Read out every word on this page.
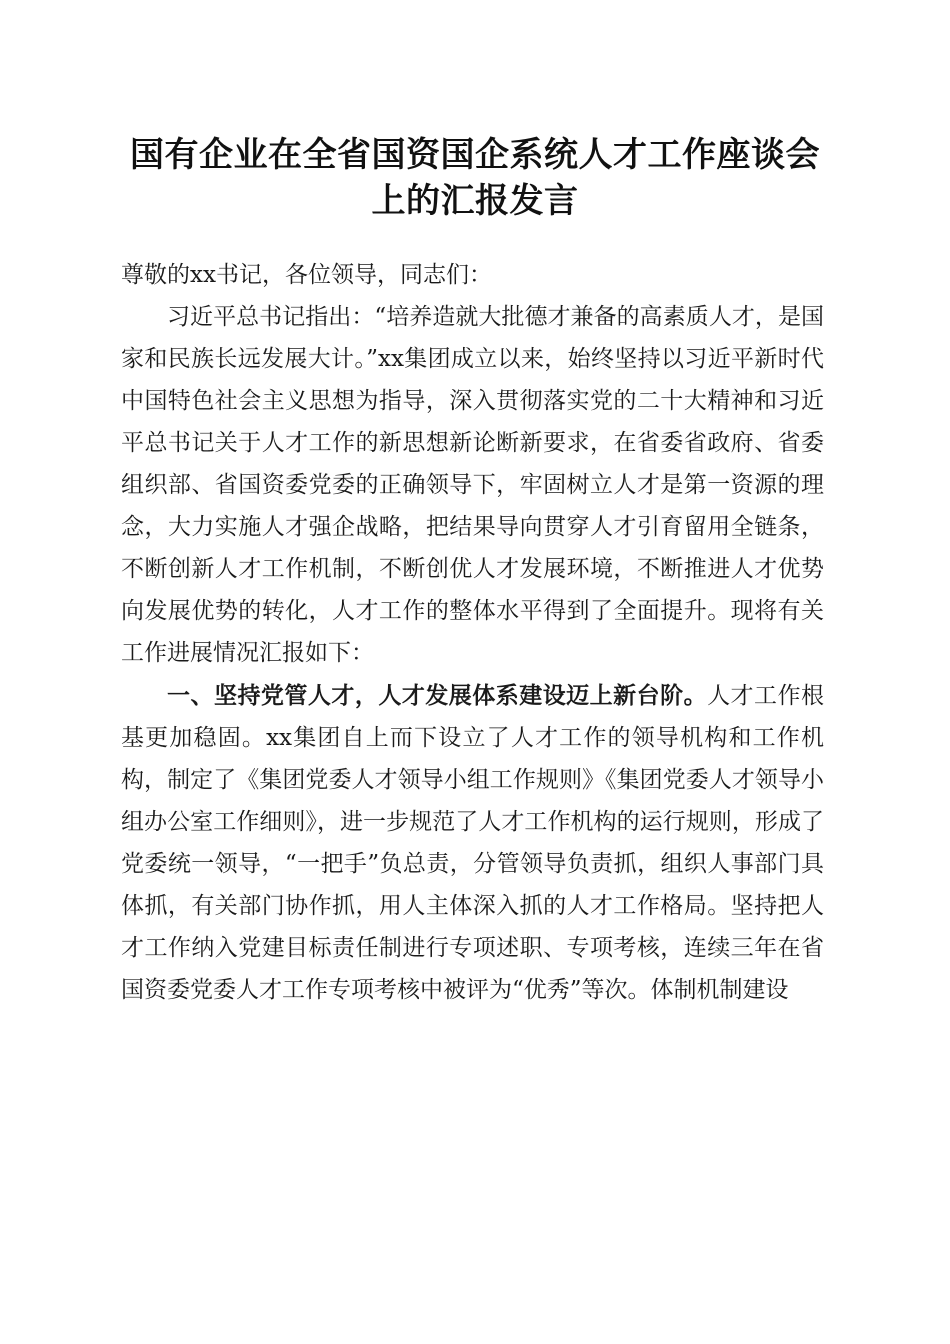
国有企业在全省国资国企系统人才工作座谈会
上的汇报发言

尊敬的xx书记，各位领导，同志们：

习近平总书记指出：“培养造就大批德才兼备的高素质人才，是国家和民族长远发展大计。”xx集团成立以来，始终坚持以习近平新时代中国特色社会主义思想为指导，深入贯彻落实党的二十大精神和习近平总书记关于人才工作的新思想新论断新要求，在省委省政府、省委组织部、省国资委党委的正确领导下，牢固树立人才是第一资源的理念，大力实施人才强企战略，把结果导向贯穿人才引育留用全链条，不断创新人才工作机制，不断创优人才发展环境，不断推进人才优势向发展优势的转化，人才工作的整体水平得到了全面提升。现将有关工作进展情况汇报如下：

一、坚持党管人才，人才发展体系建设迈上新台阶。人才工作根基更加稳固。xx集团自上而下设立了人才工作的领导机构和工作机构，制定了《集团党委人才领导小组工作规则》《集团党委人才领导小组办公室工作细则》，进一步规范了人才工作机构的运行规则，形成了党委统一领导，“一把手”负总责，分管领导负责抓，组织人事部门具体抓，有关部门协作抓，用人主体深入抓的人才工作格局。坚持把人才工作纳入党建目标责任制进行专项述职、专项考核，连续三年在省国资委党委人才工作专项考核中被评为“优秀”等次。体制机制建设
